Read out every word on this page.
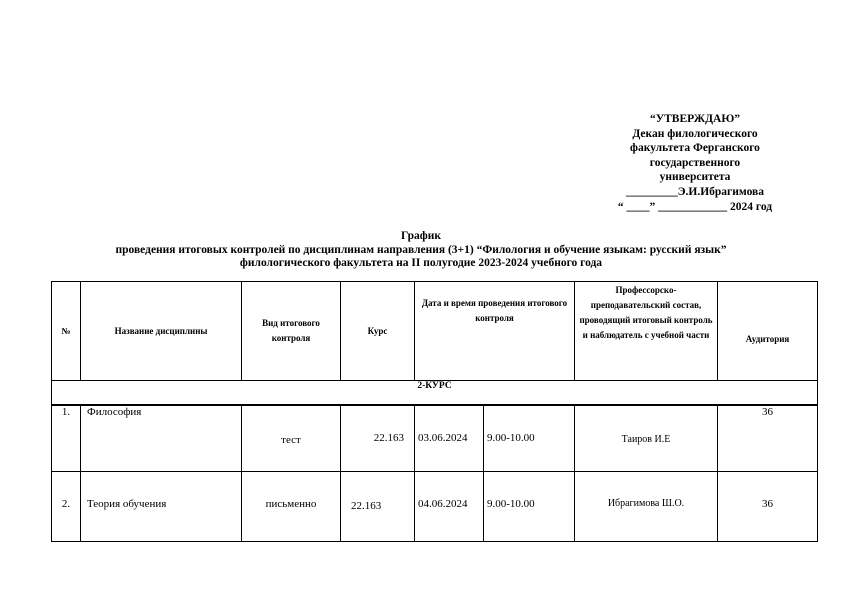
“УТВЕРЖДАЮ”
Декан филологического
факультета Ферганского
государственного
университета
_________Э.И.Ибрагимова
“ ____” ____________ 2024 год
График
проведения итоговых контролей по дисциплинам направления (3+1) “Филология и обучение языкам: русский язык”
филологического факультета на II полугодие 2023-2024 учебного года
№	Название дисциплины	Вид итогового контроля	Курс	Дата и время проведения итогового контроля		Профессорско-преподавательский состав, проводящий итоговый контроль и наблюдатель с учебной части	Аудитория
2-КУРС							

1.	Философия	тест	22.163	03.06.2024	9.00-10.00	Таиров И.Е	36
2.	Теория обучения	письменно	22.163	04.06.2024	9.00-10.00	Ибрагимова Ш.О.	36
